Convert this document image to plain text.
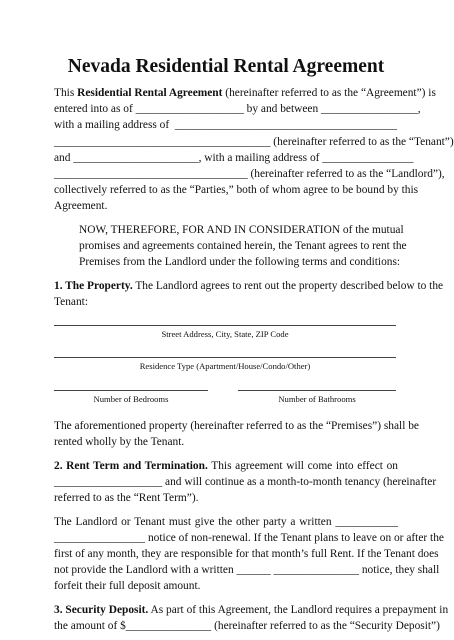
Nevada Residential Rental Agreement
This Residential Rental Agreement (hereinafter referred to as the “Agreement”) is
entered into as of ___________________ by and between _________________,
with a mailing address of  _______________________________________
______________________________________ (hereinafter referred to as the “Tenant”)
and ______________________, with a mailing address of ________________
__________________________________ (hereinafter referred to as the “Landlord”),
collectively referred to as the “Parties,” both of whom agree to be bound by this
Agreement.
NOW, THEREFORE, FOR AND IN CONSIDERATION of the mutual
promises and agreements contained herein, the Tenant agrees to rent the
Premises from the Landlord under the following terms and conditions:
1. The Property. The Landlord agrees to rent out the property described below to the
Tenant:
Street Address, City, State, ZIP Code
Residence Type (Apartment/House/Condo/Other)
Number of Bedrooms	Number of Bathrooms
The aforementioned property (hereinafter referred to as the “Premises”) shall be
rented wholly by the Tenant.
2. Rent Term and Termination. This agreement will come into effect on
___________________ and will continue as a month-to-month tenancy (hereinafter
referred to as the “Rent Term”).
The Landlord or Tenant must give the other party a written ___________
________________ notice of non-renewal. If the Tenant plans to leave on or after the
first of any month, they are responsible for that month’s full Rent. If the Tenant does
not provide the Landlord with a written ______ _______________ notice, they shall
forfeit their full deposit amount.
3. Security Deposit. As part of this Agreement, the Landlord requires a prepayment in
the amount of $_______________ (hereinafter referred to as the “Security Deposit”)
